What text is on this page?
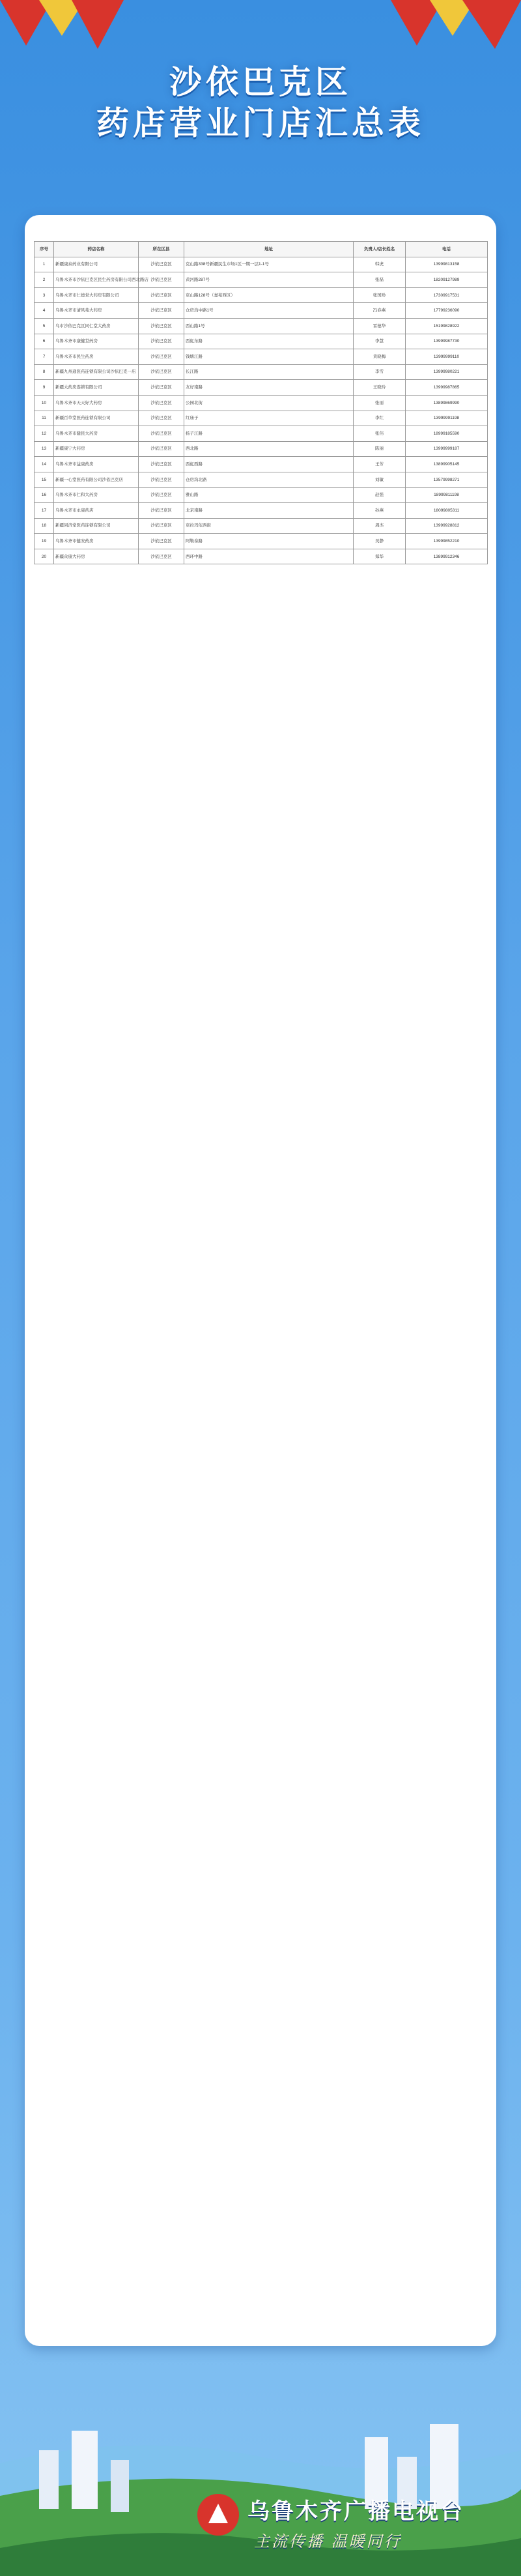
沙依巴克区
药店营业门店汇总表
序号	药店名称	所在区县	地址	负责人/店长姓名	电话
1	新疆康泰药业有限公司	沙依巴克区	克山路338号新疆民生市场1区一期一层1-1号	韩虎	13999813158
2	乌鲁木齐市沙依巴克区民生药房有限公司西北路店	沙依巴克区	黄河路287号	张磊	18209127989
3	乌鲁木齐市仁德堂大药房有限公司	沙依巴克区	克山路128号（嘉苑西区）	张国珍	17309917531
4	乌鲁木齐市清风苑大药房	沙依巴克区	仓房沟中路1号	冯春燕	17799236090
5	乌市沙依巴克区同仁堂大药房	沙依巴克区	西山路1号	雷德华	15199828922
6	乌鲁木齐市康健堂药房	沙依巴克区	西虹东路	李慧	13999987730
7	乌鲁木齐市民生药房	沙依巴克区	钱塘江路	黄晓梅	13999999110
8	新疆九州通医药连锁有限公司沙依巴克一店	沙依巴克区	长江路	李雪	13999980221
9	新疆大药房连锁有限公司	沙依巴克区	友好南路	王晓玲	13999987865
10	乌鲁木齐市天天好大药房	沙依巴克区	公园北街	张丽	13899869990
11	新疆百草堂医药连锁有限公司	沙依巴克区	红庙子	李红	13999991198
12	乌鲁木齐市健民大药房	沙依巴克区	扬子江路	张伟	18999185590
13	新疆康宁大药房	沙依巴克区	西北路	陈丽	13999999187
14	乌鲁木齐市益康药房	沙依巴克区	西虹西路	王芳	13899905145
15	新疆一心堂医药有限公司沙依巴克店	沙依巴克区	仓房沟北路	刘敏	13579998271
16	乌鲁木齐市仁和大药房	沙依巴克区	雅山路	赵强	18999811198
17	乌鲁木齐市永康药店	沙依巴克区	北京南路	孙燕	18099805311
18	新疆同济堂医药连锁有限公司	沙依巴克区	克拉玛依西街	周杰	13999928812
19	乌鲁木齐市健安药房	沙依巴克区	阿勒泰路	吴静	13999852210
20	新疆众康大药房	沙依巴克区	西环中路	郑华	13899912346
乌鲁木齐广播电视台
主流传播 温暖同行
